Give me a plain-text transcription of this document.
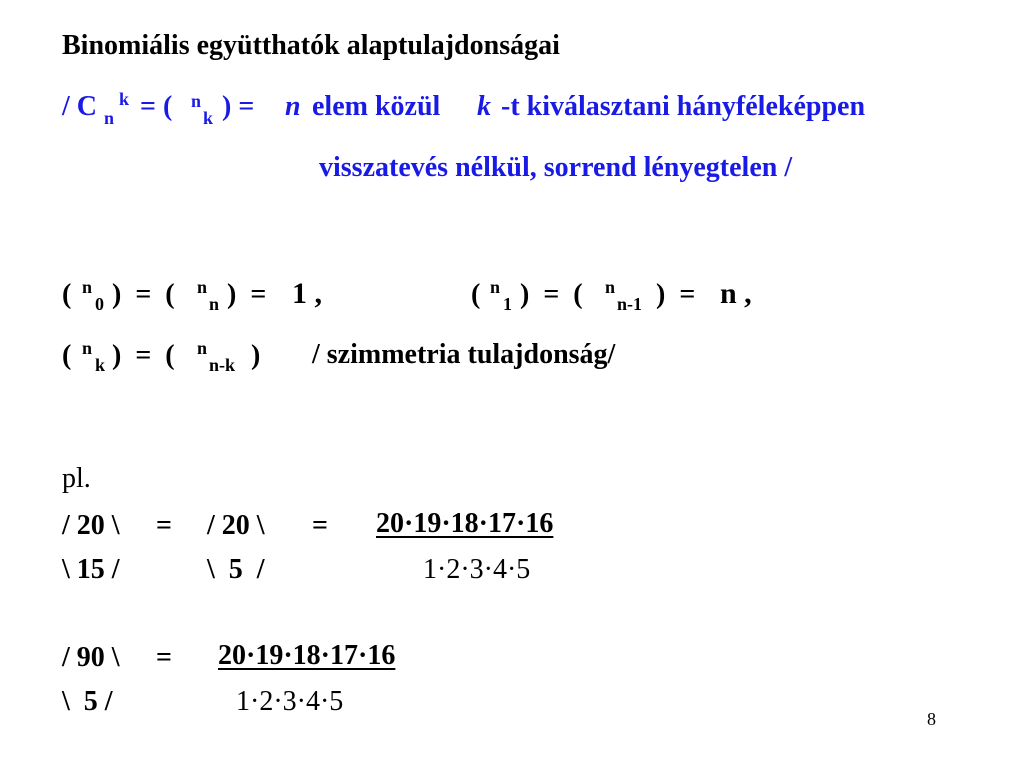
Binomiális együtthatók alaptulajdonságai
/ C n
k = ( n
k ) = n elem közül k -t kiválasztani hányféleképpen
visszatevés nélkül, sorrend lényegtelen /
( n
0 )  =  ( n
n )  = 1 ,	( n
1 )  =  ( n
n-1 )  = n ,
( n
k )  =  ( n
n-k ) / szimmetria tulajdonság/
pl.
/ 20 \ = / 20 \ = 20·19·18·17·16
\ 15 /	\  5  /	1·2·3·4·5
/ 90 \ = 20·19·18·17·16
\  5 /	1·2·3·4·5
8
